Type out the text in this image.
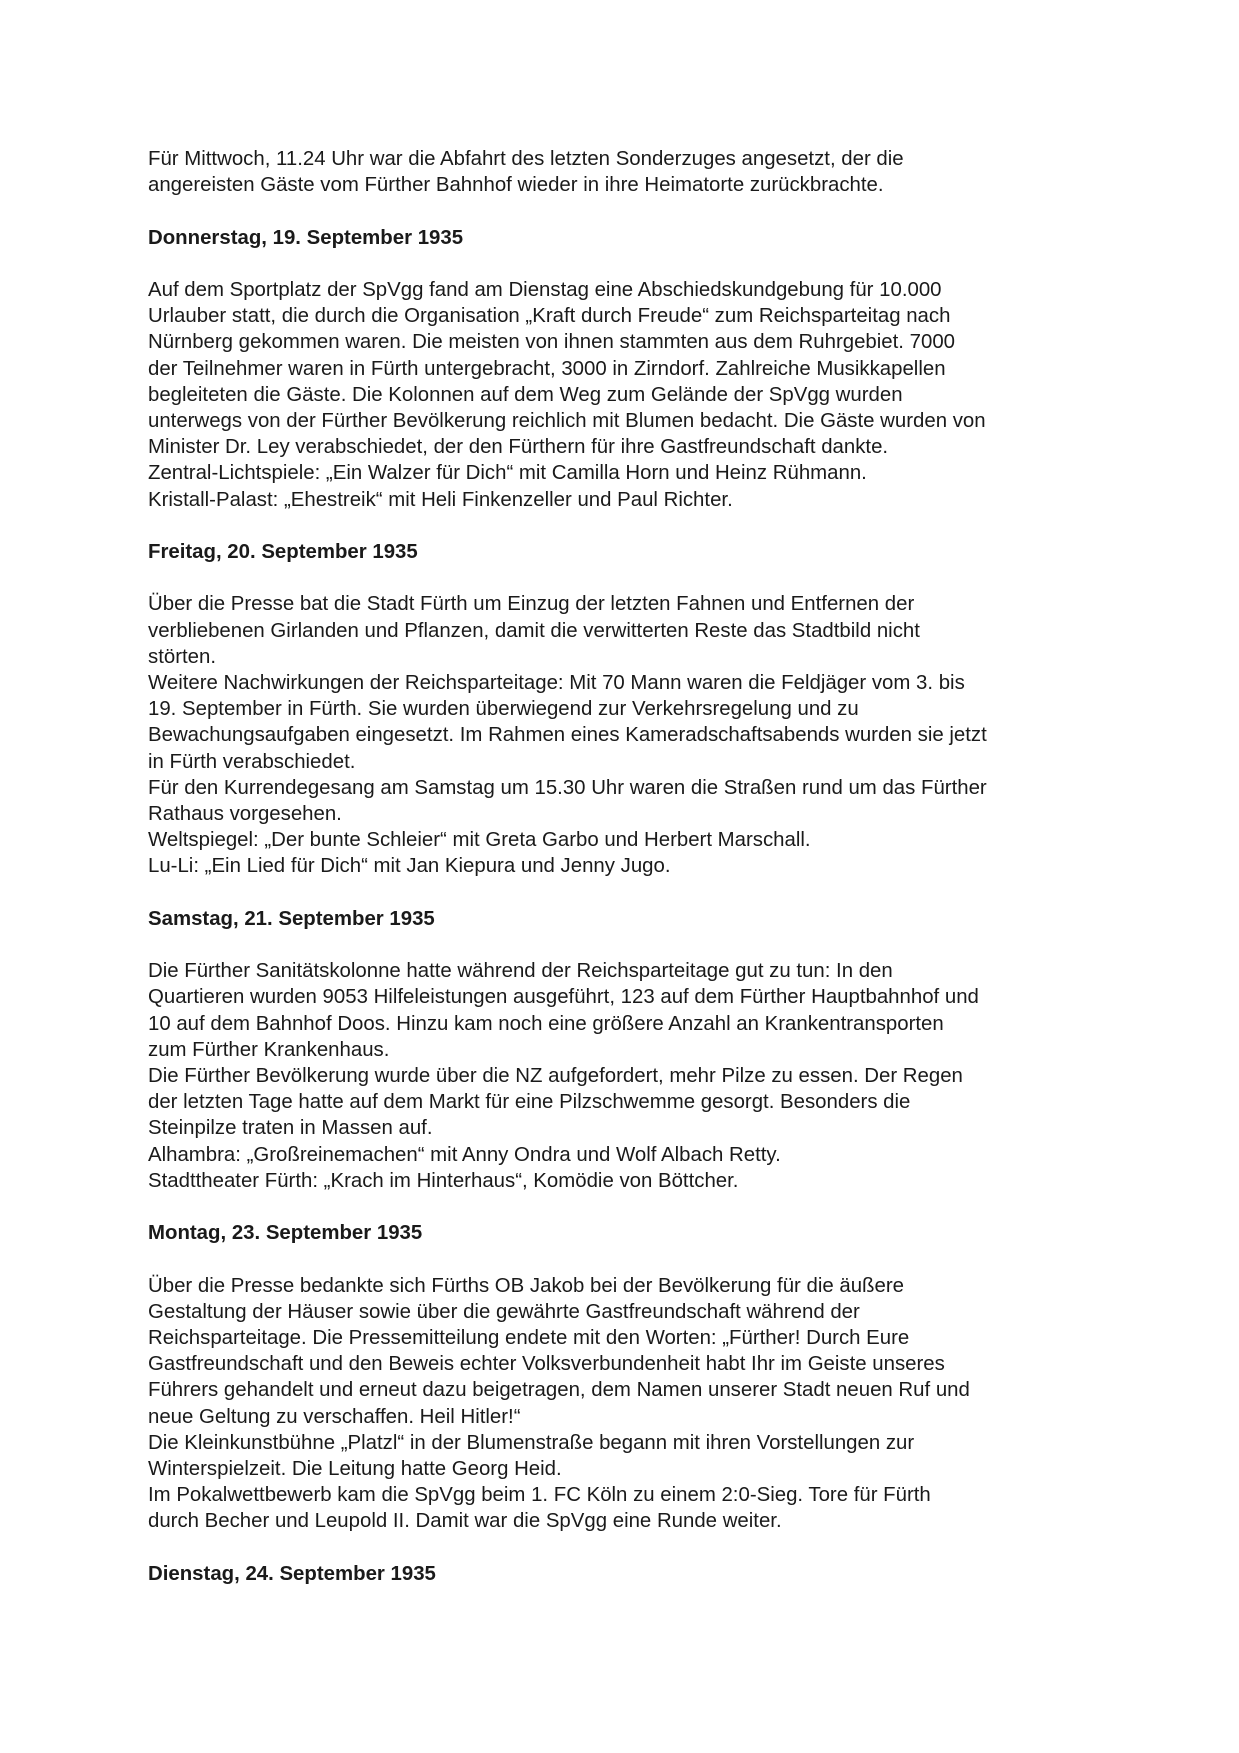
Für Mittwoch, 11.24 Uhr war die Abfahrt des letzten Sonderzuges angesetzt, der die
angereisten Gäste vom Fürther Bahnhof wieder in ihre Heimatorte zurückbrachte.
Donnerstag, 19. September 1935
Auf dem Sportplatz der SpVgg fand am Dienstag eine Abschiedskundgebung für 10.000
Urlauber statt, die durch die Organisation „Kraft durch Freude“ zum Reichsparteitag nach
Nürnberg gekommen waren. Die meisten von ihnen stammten aus dem Ruhrgebiet. 7000
der Teilnehmer waren in Fürth untergebracht, 3000 in Zirndorf. Zahlreiche Musikkapellen
begleiteten die Gäste. Die Kolonnen auf dem Weg zum Gelände der SpVgg wurden
unterwegs von der Fürther Bevölkerung reichlich mit Blumen bedacht. Die Gäste wurden von
Minister Dr. Ley verabschiedet, der den Fürthern für ihre Gastfreundschaft dankte.
Zentral-Lichtspiele: „Ein Walzer für Dich“ mit Camilla Horn und Heinz Rühmann.
Kristall-Palast: „Ehestreik“ mit Heli Finkenzeller und Paul Richter.
Freitag, 20. September 1935
Über die Presse bat die Stadt Fürth um Einzug der letzten Fahnen und Entfernen der
verbliebenen Girlanden und Pflanzen, damit die verwitterten Reste das Stadtbild nicht
störten.
Weitere Nachwirkungen der Reichsparteitage: Mit 70 Mann waren die Feldjäger vom 3. bis
19. September in Fürth. Sie wurden überwiegend zur Verkehrsregelung und zu
Bewachungsaufgaben eingesetzt. Im Rahmen eines Kameradschaftsabends wurden sie jetzt
in Fürth verabschiedet.
Für den Kurrendegesang am Samstag um 15.30 Uhr waren die Straßen rund um das Fürther
Rathaus vorgesehen.
Weltspiegel: „Der bunte Schleier“ mit Greta Garbo und Herbert Marschall.
Lu-Li: „Ein Lied für Dich“ mit Jan Kiepura und Jenny Jugo.
Samstag, 21. September 1935
Die Fürther Sanitätskolonne hatte während der Reichsparteitage gut zu tun: In den
Quartieren wurden 9053 Hilfeleistungen ausgeführt, 123 auf dem Fürther Hauptbahnhof und
10 auf dem Bahnhof Doos. Hinzu kam noch eine größere Anzahl an Krankentransporten
zum Fürther Krankenhaus.
Die Fürther Bevölkerung wurde über die NZ aufgefordert, mehr Pilze zu essen. Der Regen
der letzten Tage hatte auf dem Markt für eine Pilzschwemme gesorgt. Besonders die
Steinpilze traten in Massen auf.
Alhambra: „Großreinemachen“ mit Anny Ondra und Wolf Albach Retty.
Stadttheater Fürth: „Krach im Hinterhaus“, Komödie von Böttcher.
Montag, 23. September 1935
Über die Presse bedankte sich Fürths OB Jakob bei der Bevölkerung für die äußere
Gestaltung der Häuser sowie über die gewährte Gastfreundschaft während der
Reichsparteitage. Die Pressemitteilung endete mit den Worten: „Fürther! Durch Eure
Gastfreundschaft und den Beweis echter Volksverbundenheit habt Ihr im Geiste unseres
Führers gehandelt und erneut dazu beigetragen, dem Namen unserer Stadt neuen Ruf und
neue Geltung zu verschaffen. Heil Hitler!“
Die Kleinkunstbühne „Platzl“ in der Blumenstraße begann mit ihren Vorstellungen zur
Winterspielzeit. Die Leitung hatte Georg Heid.
Im Pokalwettbewerb kam die SpVgg beim 1. FC Köln zu einem 2:0-Sieg. Tore für Fürth
durch Becher und Leupold II. Damit war die SpVgg eine Runde weiter.
Dienstag, 24. September 1935
